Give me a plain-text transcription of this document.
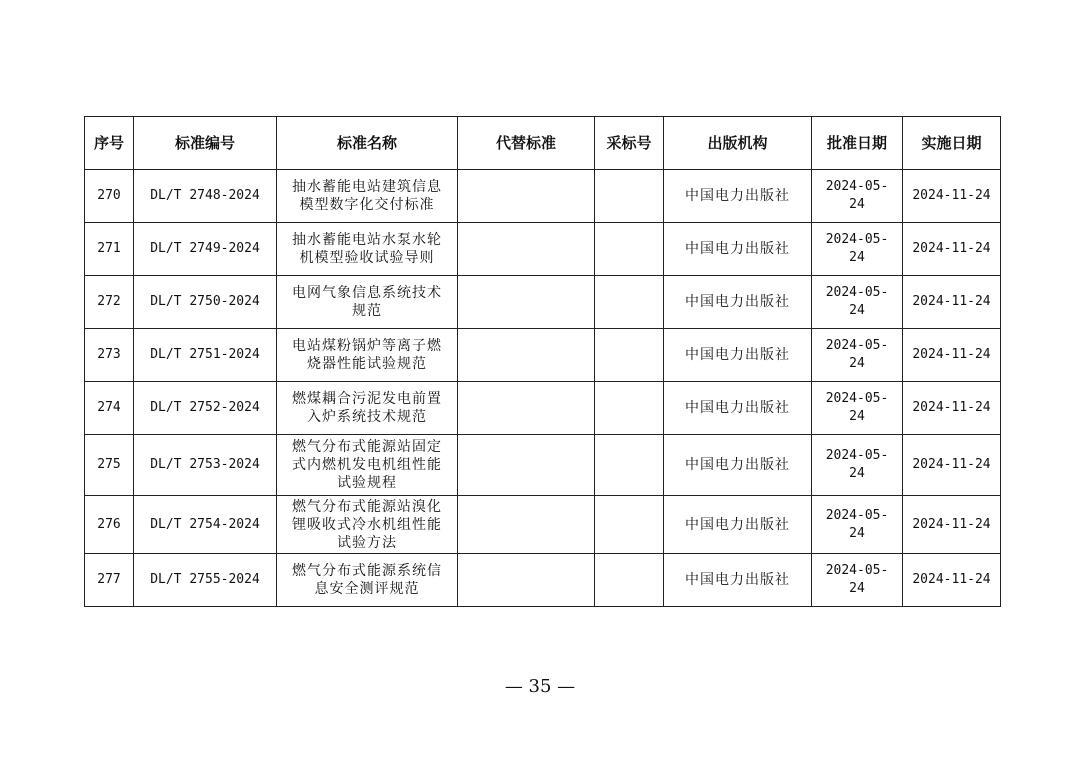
序号	标准编号	标准名称	代替标准	采标号	出版机构	批准日期	实施日期
270	DL/T 2748-2024	抽水蓄能电站建筑信息模型数字化交付标准			中国电力出版社	2024-05-24	2024-11-24
271	DL/T 2749-2024	抽水蓄能电站水泵水轮机模型验收试验导则			中国电力出版社	2024-05-24	2024-11-24
272	DL/T 2750-2024	电网气象信息系统技术规范			中国电力出版社	2024-05-24	2024-11-24
273	DL/T 2751-2024	电站煤粉锅炉等离子燃烧器性能试验规范			中国电力出版社	2024-05-24	2024-11-24
274	DL/T 2752-2024	燃煤耦合污泥发电前置入炉系统技术规范			中国电力出版社	2024-05-24	2024-11-24
275	DL/T 2753-2024	燃气分布式能源站固定式内燃机发电机组性能试验规程			中国电力出版社	2024-05-24	2024-11-24
276	DL/T 2754-2024	燃气分布式能源站溴化锂吸收式冷水机组性能试验方法			中国电力出版社	2024-05-24	2024-11-24
277	DL/T 2755-2024	燃气分布式能源系统信息安全测评规范			中国电力出版社	2024-05-24	2024-11-24
— 35 —
